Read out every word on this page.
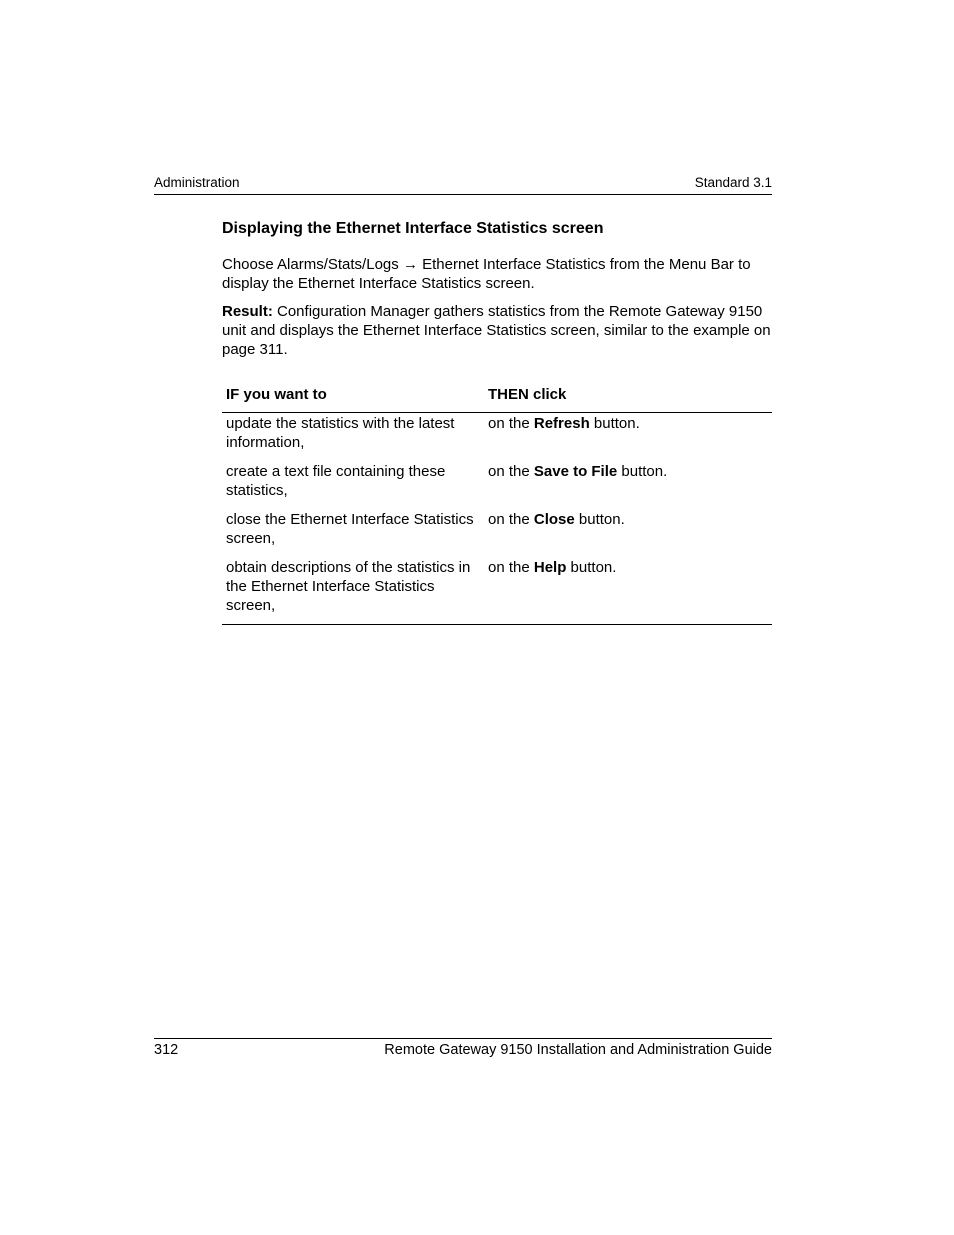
Administration	Standard 3.1
Displaying the Ethernet Interface Statistics screen

Choose Alarms/Stats/Logs → Ethernet Interface Statistics from the Menu Bar to display the Ethernet Interface Statistics screen.

Result: Configuration Manager gathers statistics from the Remote Gateway 9150 unit and displays the Ethernet Interface Statistics screen, similar to the example on page 311.

IF you want to	THEN click
update the statistics with the latest information,	on the Refresh button.
create a text file containing these statistics,	on the Save to File button.
close the Ethernet Interface Statistics screen,	on the Close button.
obtain descriptions of the statistics in the Ethernet Interface Statistics screen,	on the Help button.
312	Remote Gateway 9150 Installation and Administration Guide
